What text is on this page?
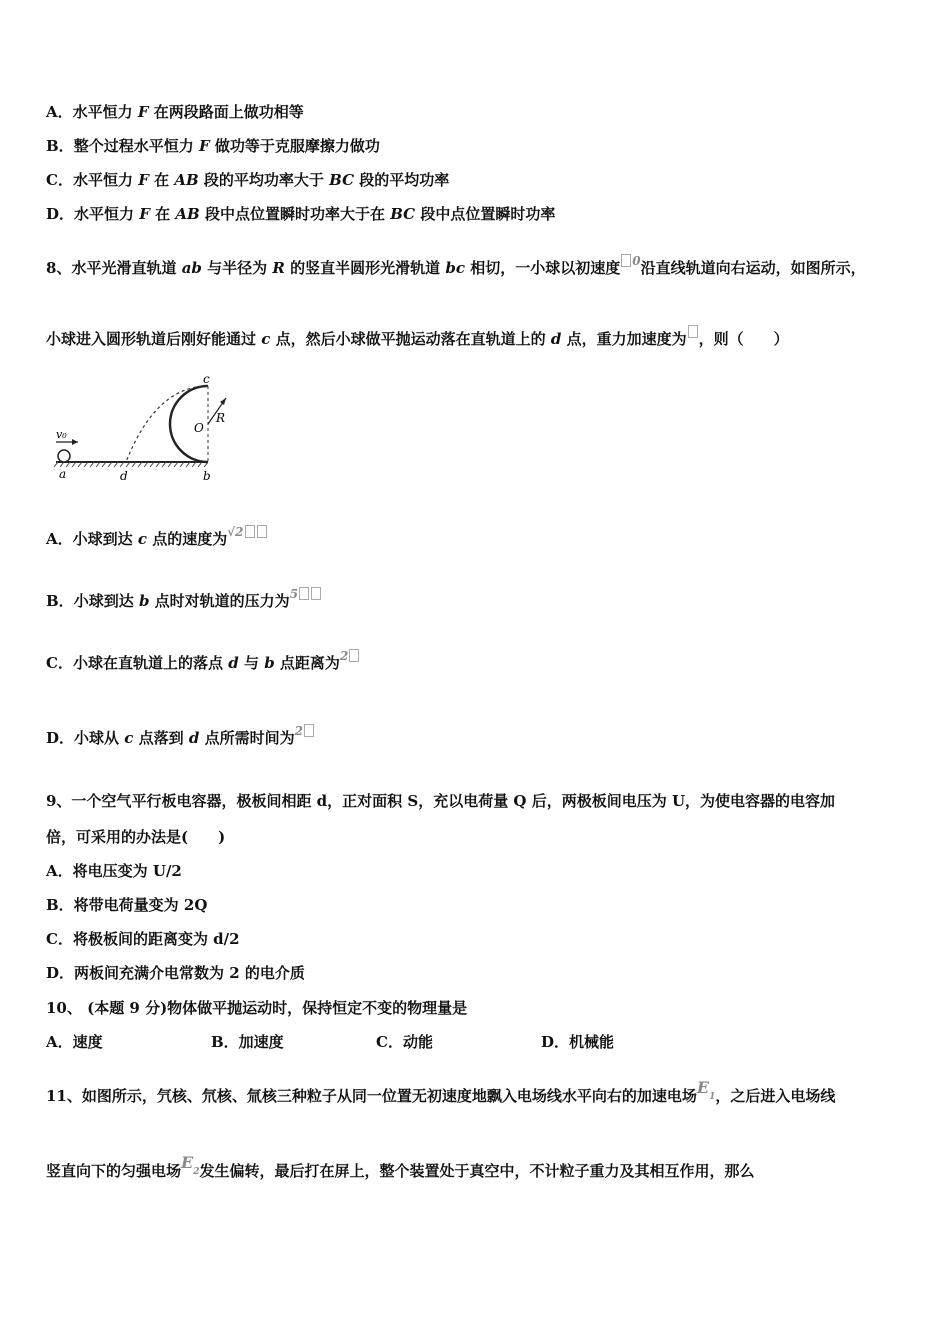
A．水平恒力 F 在两段路面上做功相等
B．整个过程水平恒力 F 做功等于克服摩擦力做功
C．水平恒力 F 在 AB 段的平均功率大于 BC 段的平均功率
D．水平恒力 F 在 AB 段中点位置瞬时功率大于在 BC 段中点位置瞬时功率
8、水平光滑直轨道 ab 与半径为 R 的竖直半圆形光滑轨道 bc 相切，一小球以初速度 $^0$沿直线轨道向右运动，如图所示，
小球进入圆形轨道后刚好能通过 c 点，然后小球做平抛运动落在直轨道上的 d 点，重力加速度为 ，则（　　）
v₀
a	d	b
c
O
R
A．小球到达 c 点的速度为$^{√2}$
B．小球到达 b 点时对轨道的压力为$^5$
C．小球在直轨道上的落点 d 与 b 点距离为$^2$
D．小球从 c 点落到 d 点所需时间为$^2$
9、一个空气平行板电容器，极板间相距 d，正对面积 S，充以电荷量 Q 后，两极板间电压为 U，为使电容器的电容加
倍，可采用的办法是(　　)
A．将电压变为 U/2
B．将带电荷量变为 2Q
C．将极板间的距离变为 d/2
D．两板间充满介电常数为 2 的电介质
10、 (本题 9 分)物体做平抛运动时，保持恒定不变的物理量是
A．速度	B．加速度	C．动能	D．机械能
11、如图所示，氕核、氘核、氚核三种粒子从同一位置无初速度地飘入电场线水平向右的加速电场E1，之后进入电场线
竖直向下的匀强电场E2发生偏转，最后打在屏上，整个装置处于真空中，不计粒子重力及其相互作用，那么
